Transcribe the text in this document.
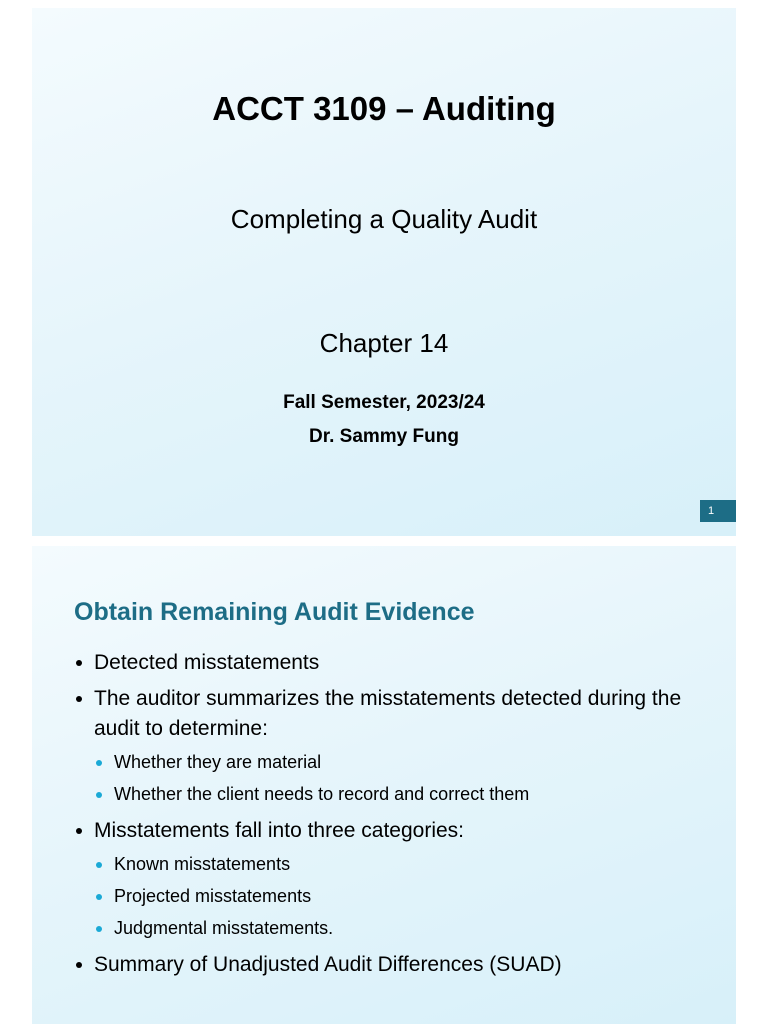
ACCT 3109 – Auditing
Completing a Quality Audit
Chapter 14
Fall Semester, 2023/24
Dr. Sammy Fung
1
Obtain Remaining Audit Evidence
Detected misstatements
The auditor summarizes the misstatements detected during the audit to determine:
Whether they are material
Whether the client needs to record and correct them
Misstatements fall into three categories:
Known misstatements
Projected misstatements
Judgmental misstatements.
Summary of Unadjusted Audit Differences (SUAD)
